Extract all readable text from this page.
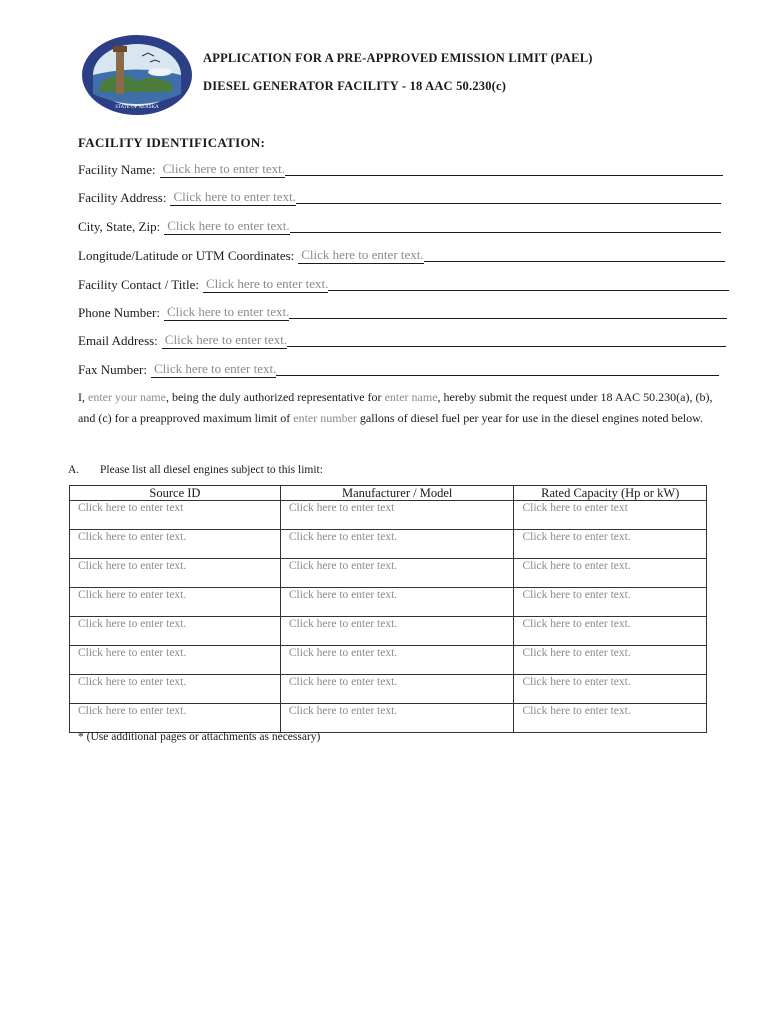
STATE OF ALASKA
APPLICATION FOR A PRE-APPROVED EMISSION LIMIT (PAEL)
DIESEL GENERATOR FACILITY - 18 AAC 50.230(c)
FACILITY IDENTIFICATION:
Facility Name: Click here to enter text.
Facility Address: Click here to enter text.
City, State, Zip: Click here to enter text.
Longitude/Latitude or UTM Coordinates: Click here to enter text.
Facility Contact / Title: Click here to enter text.
Phone Number: Click here to enter text.
Email Address: Click here to enter text.
Fax Number: Click here to enter text.
I, enter your name, being the duly authorized representative for enter name, hereby submit the request under 18 AAC 50.230(a), (b), and (c) for a preapproved maximum limit of enter number gallons of diesel fuel per year for use in the diesel engines noted below.
A. Please list all diesel engines subject to this limit:
Source ID	Manufacturer / Model	Rated Capacity (Hp or kW)
Click here to enter text	Click here to enter text	Click here to enter text
Click here to enter text.	Click here to enter text.	Click here to enter text.
Click here to enter text.	Click here to enter text.	Click here to enter text.
Click here to enter text.	Click here to enter text.	Click here to enter text.
Click here to enter text.	Click here to enter text.	Click here to enter text.
Click here to enter text.	Click here to enter text.	Click here to enter text.
Click here to enter text.	Click here to enter text.	Click here to enter text.
Click here to enter text.	Click here to enter text.	Click here to enter text.
* (Use additional pages or attachments as necessary)
